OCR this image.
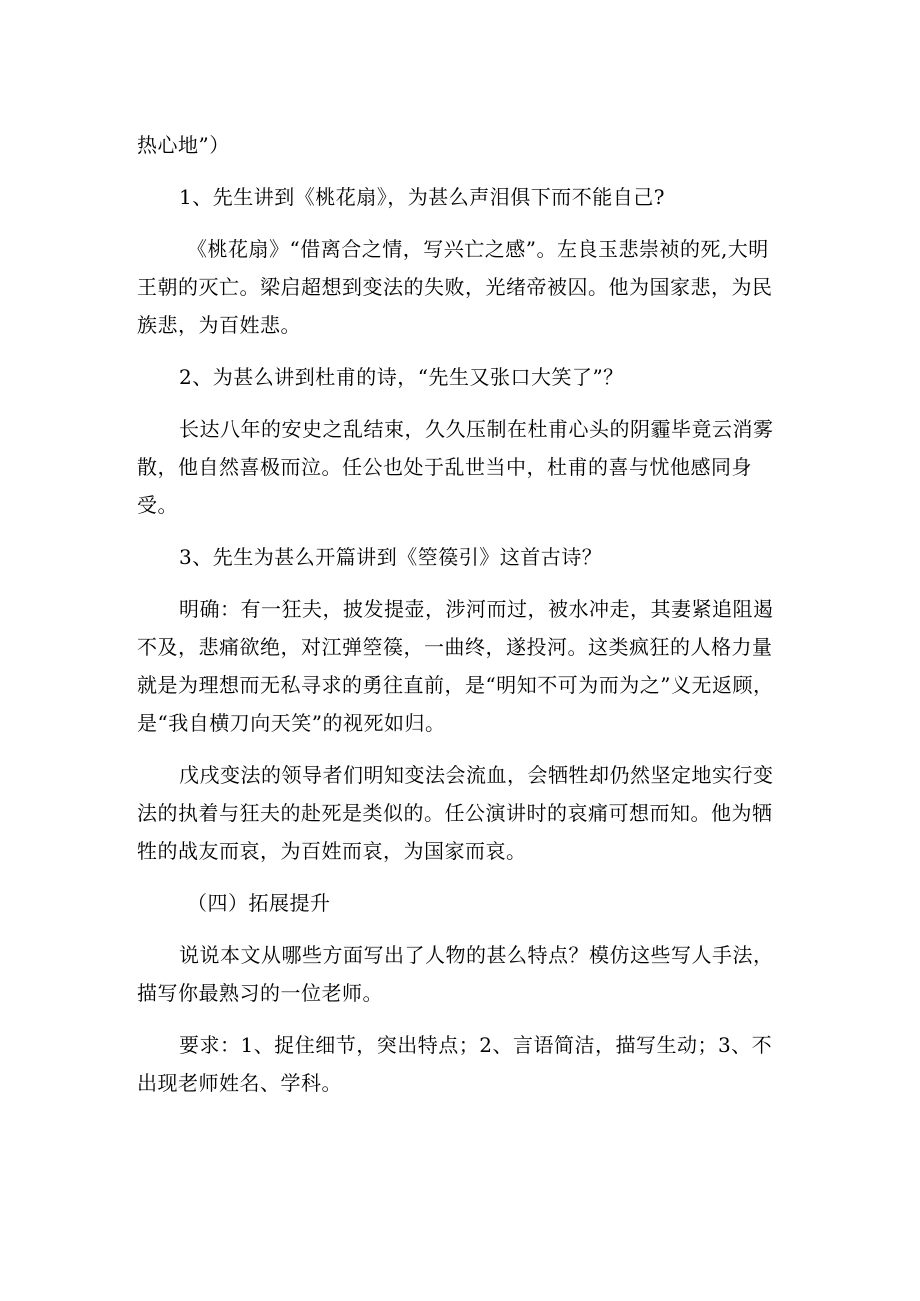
热心地”）

1、先生讲到《桃花扇》，为甚么声泪俱下而不能自己?

《桃花扇》“借离合之情，写兴亡之感”。左良玉悲崇祯的死,大明王朝的灭亡。梁启超想到变法的失败，光绪帝被囚。他为国家悲，为民族悲，为百姓悲。

2、为甚么讲到杜甫的诗，“先生又张口大笑了”？

长达八年的安史之乱结束，久久压制在杜甫心头的阴霾毕竟云消雾散，他自然喜极而泣。任公也处于乱世当中，杜甫的喜与忧他感同身受。

3、先生为甚么开篇讲到《箜篌引》这首古诗？

明确：有一狂夫，披发提壶，涉河而过，被水冲走，其妻紧追阻遏不及，悲痛欲绝，对江弹箜篌，一曲终，遂投河。这类疯狂的人格力量就是为理想而无私寻求的勇往直前，是“明知不可为而为之”义无返顾，是“我自横刀向天笑”的视死如归。

戊戌变法的领导者们明知变法会流血，会牺牲却仍然坚定地实行变法的执着与狂夫的赴死是类似的。任公演讲时的哀痛可想而知。他为牺牲的战友而哀，为百姓而哀，为国家而哀。

（四）拓展提升

说说本文从哪些方面写出了人物的甚么特点？模仿这些写人手法，描写你最熟习的一位老师。

要求：1、捉住细节，突出特点；2、言语简洁，描写生动；3、不出现老师姓名、学科。
